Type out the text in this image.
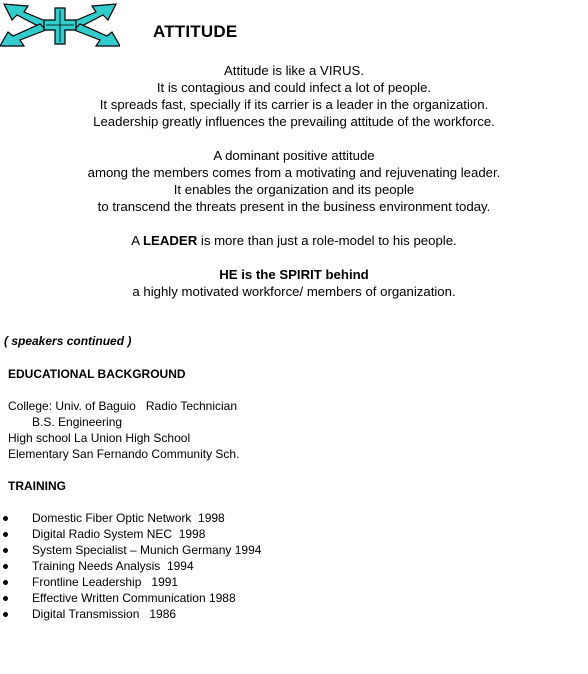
ATTITUDE
Attitude is like a VIRUS.
It is contagious and could infect a lot of people.
It spreads fast, specially if its carrier is a leader in the organization.
Leadership greatly influences the prevailing attitude of the workforce.
A dominant positive attitude
among the members comes from a motivating and rejuvenating leader.
It enables the organization and its people
to transcend the threats present in the business environment today.
A LEADER is more than just a role-model to his people.
HE is the SPIRIT behind
a highly motivated workforce/ members of organization.
( speakers continued )
EDUCATIONAL BACKGROUND
College: Univ. of Baguio   Radio Technician
B.S. Engineering
High school La Union High School
Elementary San Fernando Community Sch.
TRAINING
Domestic Fiber Optic Network  1998
Digital Radio System NEC  1998
System Specialist – Munich Germany 1994
Training Needs Analysis  1994
Frontline Leadership   1991
Effective Written Communication 1988
Digital Transmission   1986
